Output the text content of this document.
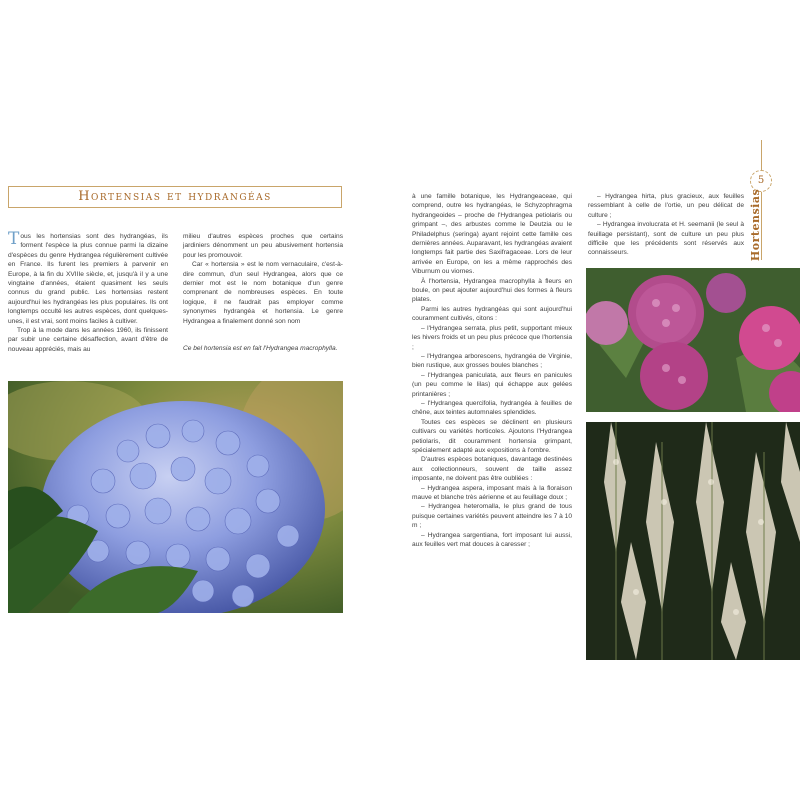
Hortensias et hydrangéas

Tous les hortensias sont des hydrangéas, ils forment l'espèce la plus connue parmi la dizaine d'espèces du genre Hydrangea régulièrement cultivée en France. Ils furent les premiers à parvenir en Europe, à la fin du XVIIIe siècle, et, jusqu'à il y a une vingtaine d'années, étaient quasiment les seuls connus du grand public. Les hortensias restent aujourd'hui les hydrangéas les plus populaires. Ils ont longtemps occulté les autres espèces, dont quelques-unes, il est vrai, sont moins faciles à cultiver.

Trop à la mode dans les années 1960, ils finissent par subir une certaine désaffection, avant d'être de nouveau appréciés, mais au

milieu d'autres espèces proches que certains jardiniers dénomment un peu abusivement hortensia pour les promouvoir.

Car « hortensia » est le nom vernaculaire, c'est-à-dire commun, d'un seul Hydrangea, alors que ce dernier mot est le nom botanique d'un genre comprenant de nombreuses espèces. En toute logique, il ne faudrait pas employer comme synonymes hydrangéa et hortensia. Le genre Hydrangea a finalement donné son nom

Ce bel hortensia est en fait l'Hydrangea macrophylla.

à une famille botanique, les Hydrangeaceae, qui comprend, outre les hydrangéas, le Schyzophragma hydrangeoides – proche de l'Hydrangea petiolaris ou grimpant –, des arbustes comme le Deutzia ou le Philadelphus (seringa) ayant rejoint cette famille ces dernières années. Auparavant, les hydrangéas avaient longtemps fait partie des Saxifragaceae. Lors de leur arrivée en Europe, on les a même rapprochés des Viburnum ou viornes.

À l'hortensia, Hydrangea macrophylla à fleurs en boule, on peut ajouter aujourd'hui des formes à fleurs plates.

Parmi les autres hydrangéas qui sont aujourd'hui couramment cultivés, citons :

– l'Hydrangea serrata, plus petit, supportant mieux les hivers froids et un peu plus précoce que l'hortensia ;

– l'Hydrangea arborescens, hydrangéa de Virginie, bien rustique, aux grosses boules blanches ;

– l'Hydrangea paniculata, aux fleurs en panicules (un peu comme le lilas) qui échappe aux gelées printanières ;

– l'Hydrangea quercifolia, hydrangéa à feuilles de chêne, aux teintes automnales splendides.

Toutes ces espèces se déclinent en plusieurs cultivars ou variétés horticoles. Ajoutons l'Hydrangea petiolaris, dit couramment hortensia grimpant, spécialement adapté aux expositions à l'ombre.

D'autres espèces botaniques, davantage destinées aux collectionneurs, souvent de taille assez imposante, ne doivent pas être oubliées :

– Hydrangea aspera, imposant mais à la floraison mauve et blanche très aérienne et au feuillage doux ;

– Hydrangea heteromalla, le plus grand de tous puisque certaines variétés peuvent atteindre les 7 à 10 m ;

– Hydrangea sargentiana, fort imposant lui aussi, aux feuilles vert mat douces à caresser ;

– Hydrangea hirta, plus gracieux, aux feuilles ressemblant à celle de l'ortie, un peu délicat de culture ;

– Hydrangea involucrata et H. seemanii (le seul à feuillage persistant), sont de culture un peu plus difficile que les précédents sont réservés aux connaisseurs.

5
Hortensias
